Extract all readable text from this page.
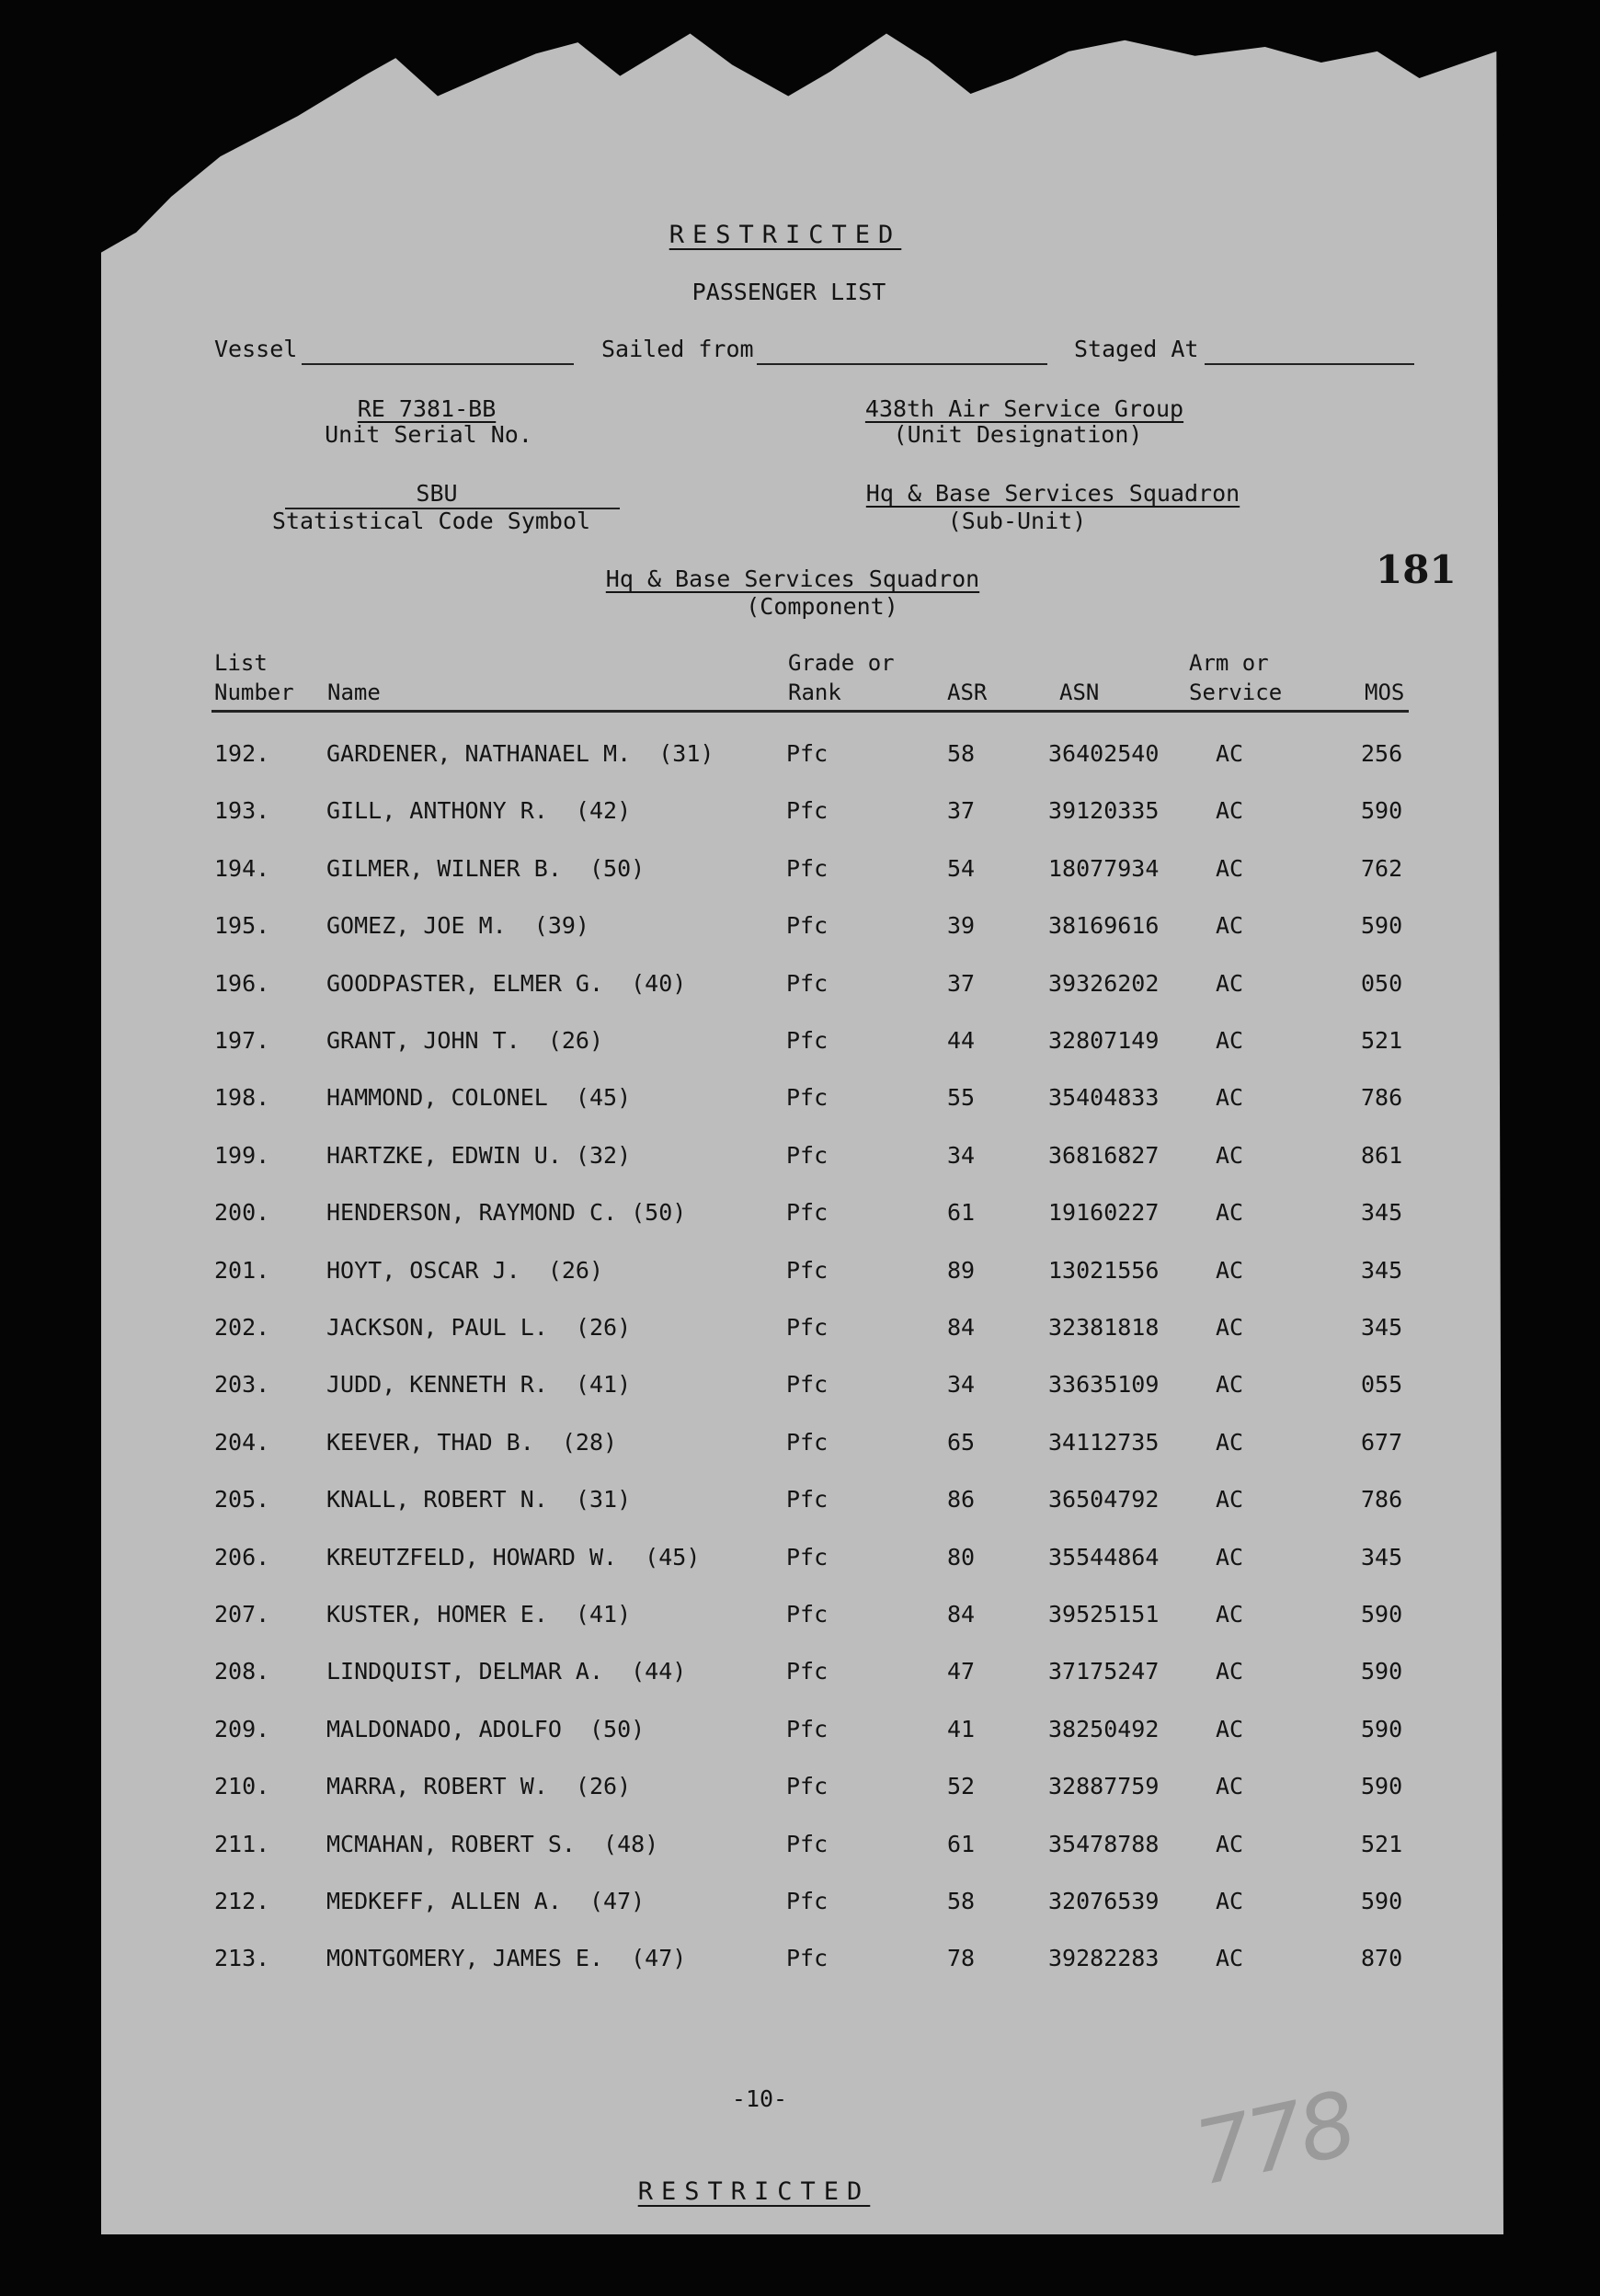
RESTRICTED
PASSENGER LIST
Vessel	Sailed from	Staged At
RE 7381-BB
Unit Serial No.
438th Air Service Group
(Unit Designation)
SBU
Statistical Code Symbol
Hq & Base Services Squadron
(Sub-Unit)
Hq & Base Services Squadron
(Component)
181
List
Number Name
Grade or
Rank	ASR	ASN
Arm or
Service	MOS
192. GARDENER, NATHANAEL M.  (31)	Pfc	58	36402540 AC	256
193. GILL, ANTHONY R.  (42)	Pfc	37	39120335 AC	590
194. GILMER, WILNER B.  (50)	Pfc	54	18077934 AC	762
195. GOMEZ, JOE M.  (39)	Pfc	39	38169616 AC	590
196. GOODPASTER, ELMER G.  (40)	Pfc	37	39326202 AC	050
197. GRANT, JOHN T.  (26)	Pfc	44	32807149 AC	521
198. HAMMOND, COLONEL  (45)	Pfc	55	35404833 AC	786
199. HARTZKE, EDWIN U. (32)	Pfc	34	36816827 AC	861
200. HENDERSON, RAYMOND C. (50)	Pfc	61	19160227 AC	345
201. HOYT, OSCAR J.  (26)	Pfc	89	13021556 AC	345
202. JACKSON, PAUL L.  (26)	Pfc	84	32381818 AC	345
203. JUDD, KENNETH R.  (41)	Pfc	34	33635109 AC	055
204. KEEVER, THAD B.  (28)	Pfc	65	34112735 AC	677
205. KNALL, ROBERT N.  (31)	Pfc	86	36504792 AC	786
206. KREUTZFELD, HOWARD W.  (45)	Pfc	80	35544864 AC	345
207. KUSTER, HOMER E.  (41)	Pfc	84	39525151 AC	590
208. LINDQUIST, DELMAR A.  (44)	Pfc	47	37175247 AC	590
209. MALDONADO, ADOLFO  (50)	Pfc	41	38250492 AC	590
210. MARRA, ROBERT W.  (26)	Pfc	52	32887759 AC	590
211. MCMAHAN, ROBERT S.  (48)	Pfc	61	35478788 AC	521
212. MEDKEFF, ALLEN A.  (47)	Pfc	58	32076539 AC	590
213. MONTGOMERY, JAMES E.  (47)	Pfc	78	39282283 AC	870
-10-
RESTRICTED	778
